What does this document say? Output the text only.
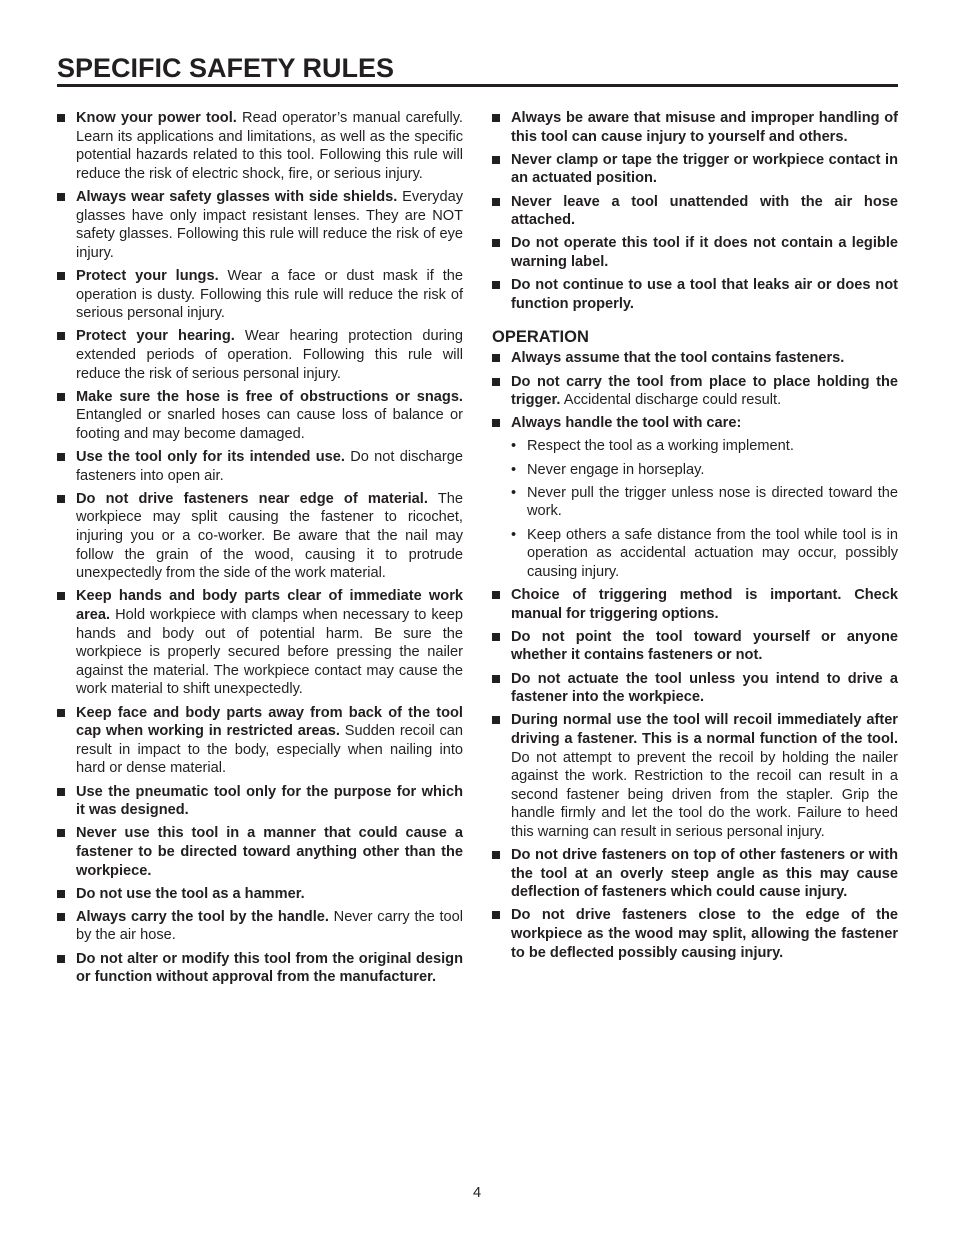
SPECIFIC SAFETY RULES
Know your power tool. Read operator’s manual carefully. Learn its applications and limitations, as well as the specific potential hazards related to this tool. Following this rule will reduce the risk of electric shock, fire, or serious injury.
Always wear safety glasses with side shields. Everyday glasses have only impact resistant lenses. They are NOT safety glasses. Following this rule will reduce the risk of eye injury.
Protect your lungs. Wear a face or dust mask if the operation is dusty. Following this rule will reduce the risk of serious personal injury.
Protect your hearing. Wear hearing protection during extended periods of operation. Following this rule will reduce the risk of serious personal injury.
Make sure the hose is free of obstructions or snags. Entangled or snarled hoses can cause loss of balance or footing and may become damaged.
Use the tool only for its intended use. Do not discharge fasteners into open air.
Do not drive fasteners near edge of material. The workpiece may split causing the fastener to ricochet, injuring you or a co-worker. Be aware that the nail may follow the grain of the wood, causing it to protrude unexpectedly from the side of the work material.
Keep hands and body parts clear of immediate work area. Hold workpiece with clamps when necessary to keep hands and body out of potential harm. Be sure the workpiece is properly secured before pressing the nailer against the material. The workpiece contact may cause the work material to shift unexpectedly.
Keep face and body parts away from back of the tool cap when working in restricted areas. Sudden recoil can result in impact to the body, especially when nailing into hard or dense material.
Use the pneumatic tool only for the purpose for which it was designed.
Never use this tool in a manner that could cause a fastener to be directed toward anything other than the workpiece.
Do not use the tool as a hammer.
Always carry the tool by the handle. Never carry the tool by the air hose.
Do not alter or modify this tool from the original design or function without approval from the manufacturer.
Always be aware that misuse and improper handling of this tool can cause injury to yourself and others.
Never clamp or tape the trigger or workpiece contact in an actuated position.
Never leave a tool unattended with the air hose attached.
Do not operate this tool if it does not contain a legible warning label.
Do not continue to use a tool that leaks air or does not function properly.
OPERATION
Always assume that the tool contains fasteners.
Do not carry the tool from place to place holding the trigger. Accidental discharge could result.
Always handle the tool with care:
• Respect the tool as a working implement.
• Never engage in horseplay.
• Never pull the trigger unless nose is directed toward the work.
• Keep others a safe distance from the tool while tool is in operation as accidental actuation may occur, possibly causing injury.
Choice of triggering method is important. Check manual for triggering options.
Do not point the tool toward yourself or anyone whether it contains fasteners or not.
Do not actuate the tool unless you intend to drive a fastener into the workpiece.
During normal use the tool will recoil immediately after driving a fastener. This is a normal function of the tool. Do not attempt to prevent the recoil by holding the nailer against the work. Restriction to the recoil can result in a second fastener being driven from the stapler. Grip the handle firmly and let the tool do the work. Failure to heed this warning can result in serious personal injury.
Do not drive fasteners on top of other fasteners or with the tool at an overly steep angle as this may cause deflection of fasteners which could cause injury.
Do not drive fasteners close to the edge of the workpiece as the wood may split, allowing the fastener to be deflected possibly causing injury.
4
